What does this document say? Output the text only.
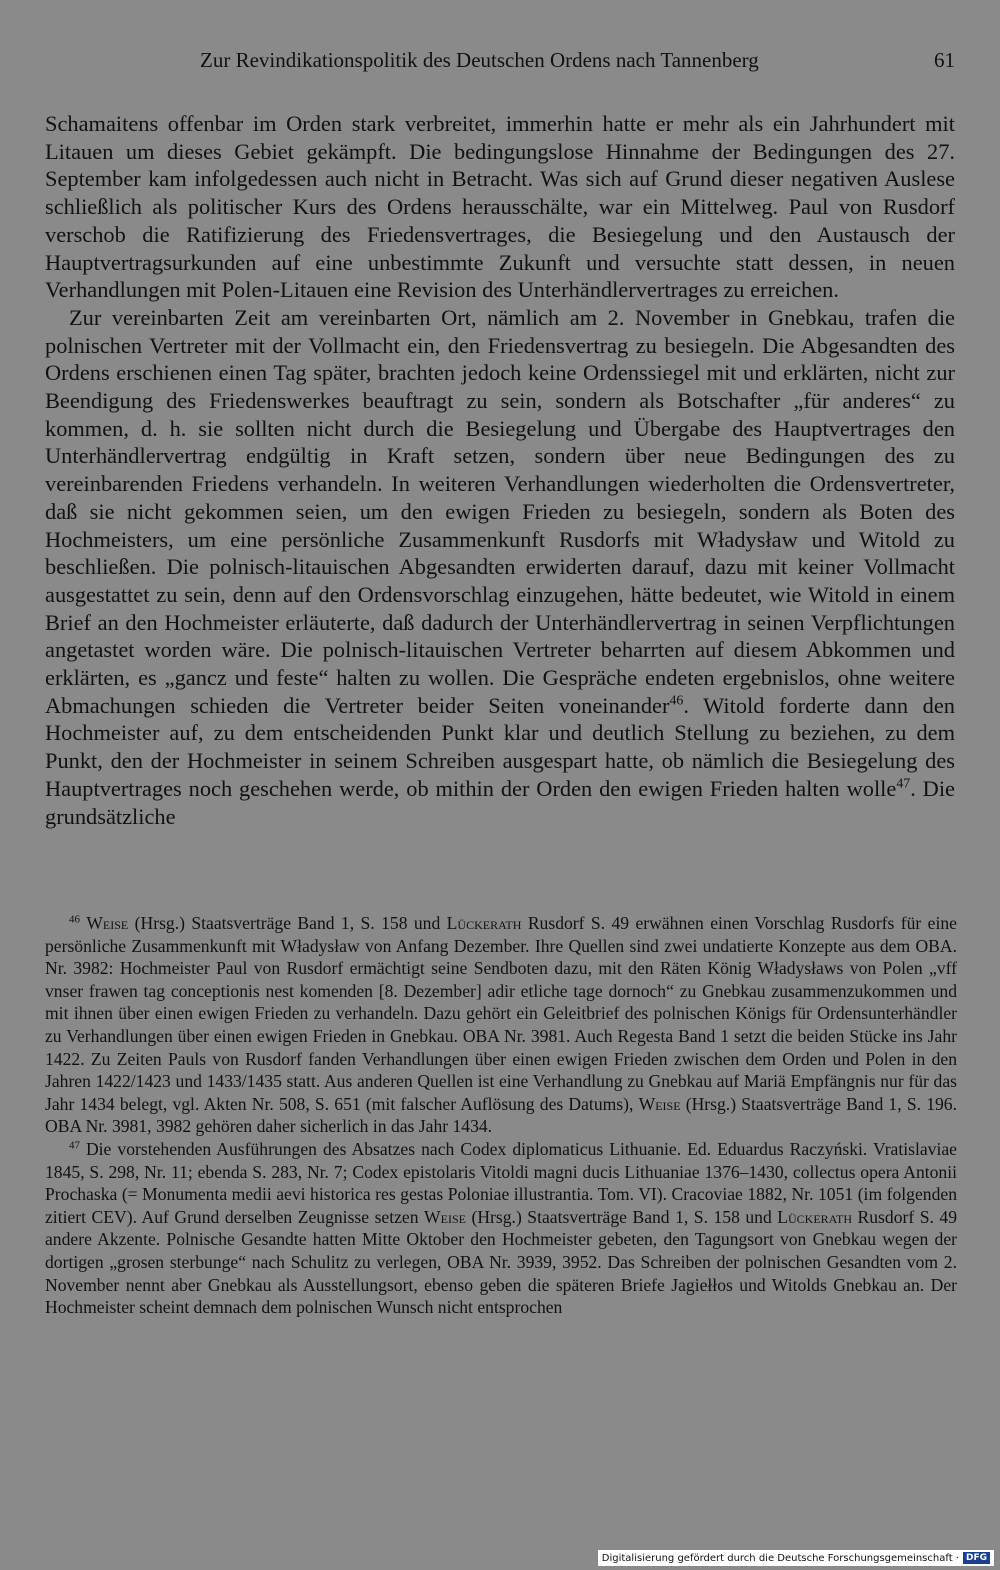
Zur Revindikationspolitik des Deutschen Ordens nach Tannenberg	61

Schamaitens offenbar im Orden stark verbreitet, immerhin hatte er mehr als ein Jahrhundert mit Litauen um dieses Gebiet gekämpft. Die bedingungslose Hinnahme der Bedingungen des 27. September kam infolgedessen auch nicht in Betracht. Was sich auf Grund dieser negativen Auslese schließlich als politischer Kurs des Ordens herausschälte, war ein Mittelweg. Paul von Rusdorf verschob die Ratifizierung des Friedensvertrages, die Besiegelung und den Austausch der Hauptvertragsurkunden auf eine unbestimmte Zukunft und versuchte statt dessen, in neuen Verhandlungen mit Polen-Litauen eine Revision des Unterhändlervertrages zu erreichen.

Zur vereinbarten Zeit am vereinbarten Ort, nämlich am 2. November in Gnebkau, trafen die polnischen Vertreter mit der Vollmacht ein, den Friedensvertrag zu besiegeln. Die Abgesandten des Ordens erschienen einen Tag später, brachten jedoch keine Ordenssiegel mit und erklärten, nicht zur Beendigung des Friedenswerkes beauftragt zu sein, sondern als Botschafter „für anderes“ zu kommen, d. h. sie sollten nicht durch die Besiegelung und Übergabe des Hauptvertrages den Unterhändlervertrag endgültig in Kraft setzen, sondern über neue Bedingungen des zu vereinbarenden Friedens verhandeln. In weiteren Verhandlungen wiederholten die Ordensvertreter, daß sie nicht gekommen seien, um den ewigen Frieden zu besiegeln, sondern als Boten des Hochmeisters, um eine persönliche Zusammenkunft Rusdorfs mit Władysław und Witold zu beschließen. Die polnisch-litauischen Abgesandten erwiderten darauf, dazu mit keiner Vollmacht ausgestattet zu sein, denn auf den Ordensvorschlag einzugehen, hätte bedeutet, wie Witold in einem Brief an den Hochmeister erläuterte, daß dadurch der Unterhändlervertrag in seinen Verpflichtungen angetastet worden wäre. Die polnisch-litauischen Vertreter beharrten auf diesem Abkommen und erklärten, es „gancz und feste“ halten zu wollen. Die Gespräche endeten ergebnislos, ohne weitere Abmachungen schieden die Vertreter beider Seiten voneinander$^{46}$. Witold forderte dann den Hochmeister auf, zu dem entscheidenden Punkt klar und deutlich Stellung zu beziehen, zu dem Punkt, den der Hochmeister in seinem Schreiben ausgespart hatte, ob nämlich die Besiegelung des Hauptvertrages noch geschehen werde, ob mithin der Orden den ewigen Frieden halten wolle$^{47}$. Die grundsätzliche

$^{46}$ Weise (Hrsg.) Staatsverträge Band 1, S. 158 und Lückerath Rusdorf S. 49 erwähnen einen Vorschlag Rusdorfs für eine persönliche Zusammenkunft mit Władysław von Anfang Dezember. Ihre Quellen sind zwei undatierte Konzepte aus dem OBA. Nr. 3982: Hochmeister Paul von Rusdorf ermächtigt seine Sendboten dazu, mit den Räten König Władysławs von Polen „vff vnser frawen tag conceptionis nest komenden [8. Dezember] adir etliche tage dornoch“ zu Gnebkau zusammenzukommen und mit ihnen über einen ewigen Frieden zu verhandeln. Dazu gehört ein Geleitbrief des polnischen Königs für Ordensunterhändler zu Verhandlungen über einen ewigen Frieden in Gnebkau. OBA Nr. 3981. Auch Regesta Band 1 setzt die beiden Stücke ins Jahr 1422. Zu Zeiten Pauls von Rusdorf fanden Verhandlungen über einen ewigen Frieden zwischen dem Orden und Polen in den Jahren 1422/1423 und 1433/1435 statt. Aus anderen Quellen ist eine Verhandlung zu Gnebkau auf Mariä Empfängnis nur für das Jahr 1434 belegt, vgl. Akten Nr. 508, S. 651 (mit falscher Auflösung des Datums), Weise (Hrsg.) Staatsverträge Band 1, S. 196. OBA Nr. 3981, 3982 gehören daher sicherlich in das Jahr 1434.

$^{47}$ Die vorstehenden Ausführungen des Absatzes nach Codex diplomaticus Lithuanie. Ed. Eduardus Raczyński. Vratislaviae 1845, S. 298, Nr. 11; ebenda S. 283, Nr. 7; Codex epistolaris Vitoldi magni ducis Lithuaniae 1376–1430, collectus opera Antonii Prochaska (= Monumenta medii aevi historica res gestas Poloniae illustrantia. Tom. VI). Cracoviae 1882, Nr. 1051 (im folgenden zitiert CEV). Auf Grund derselben Zeugnisse setzen Weise (Hrsg.) Staatsverträge Band 1, S. 158 und Lückerath Rusdorf S. 49 andere Akzente. Polnische Gesandte hatten Mitte Oktober den Hochmeister gebeten, den Tagungsort von Gnebkau wegen der dortigen „grosen sterbunge“ nach Schulitz zu verlegen, OBA Nr. 3939, 3952. Das Schreiben der polnischen Gesandten vom 2. November nennt aber Gnebkau als Ausstellungsort, ebenso geben die späteren Briefe Jagiełłos und Witolds Gnebkau an. Der Hochmeister scheint demnach dem polnischen Wunsch nicht entsprochen

Digitalisierung gefördert durch die Deutsche Forschungsgemeinschaft · DFG
